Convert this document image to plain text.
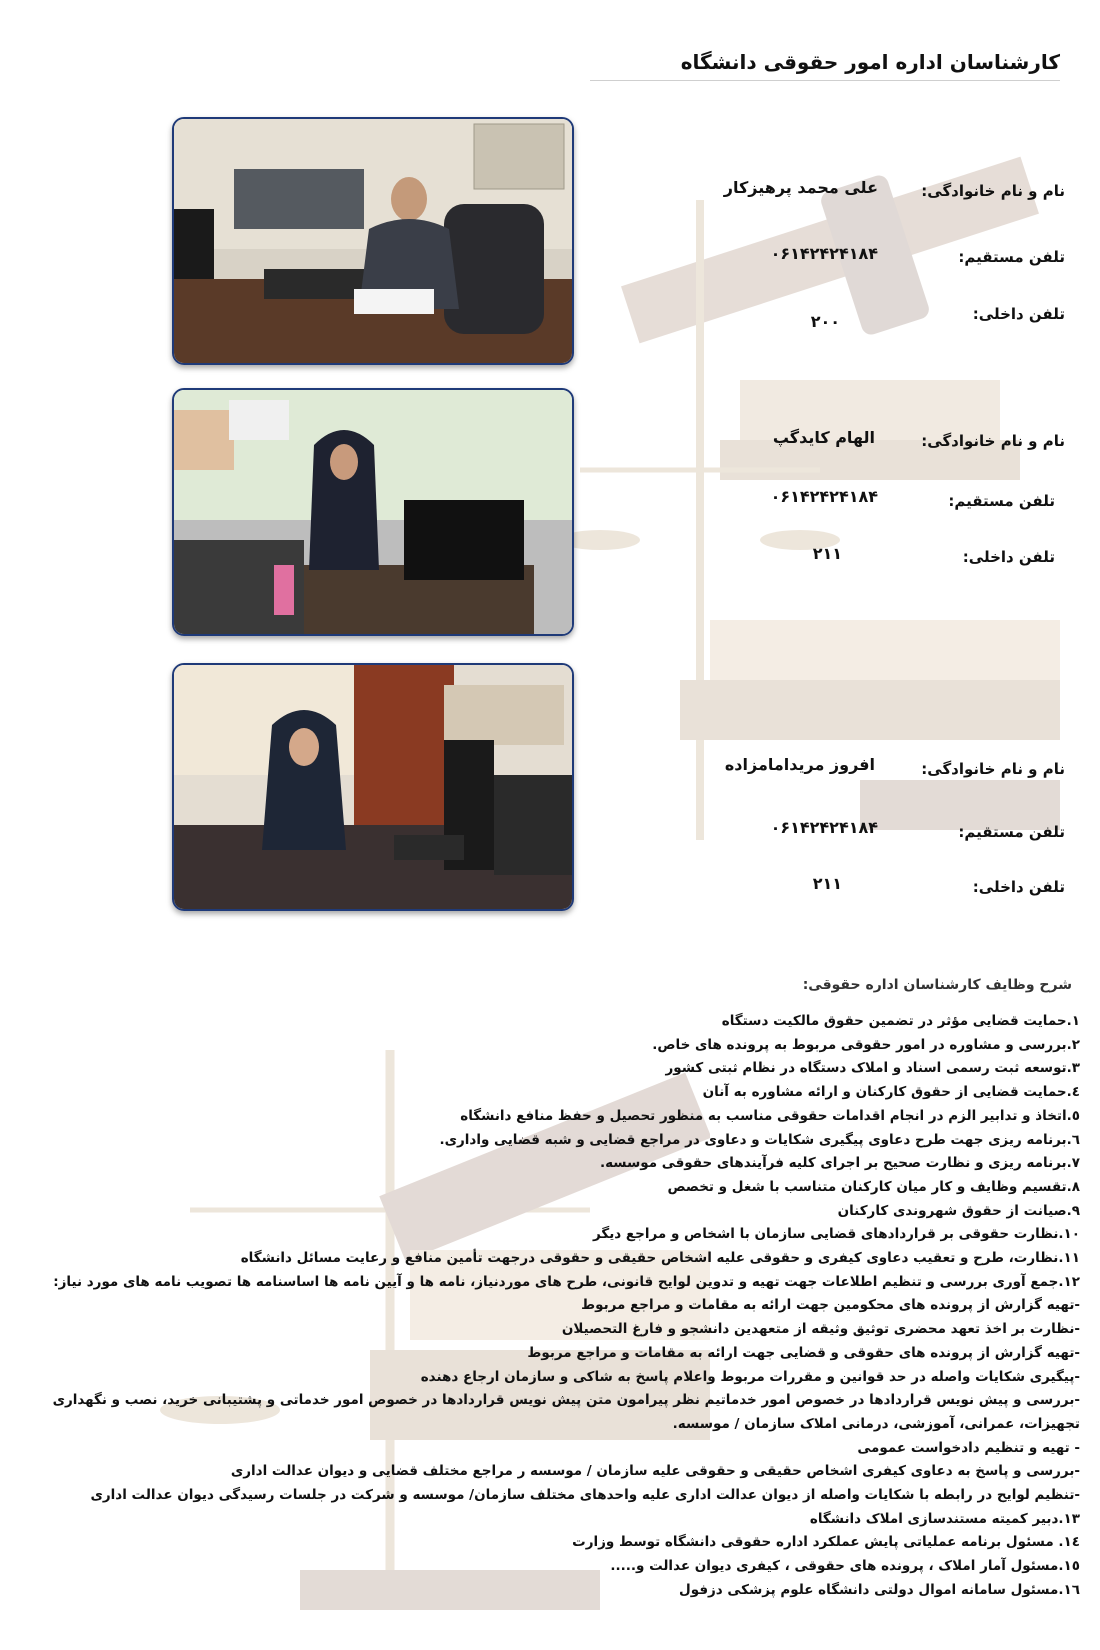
کارشناسان اداره امور حقوقی دانشگاه
نام و نام خانوادگی:
علی محمد پرهیزکار
تلفن مستقیم:
۰۶۱۴۲۴۲۴۱۸۴
تلفن داخلی:
۲۰۰
نام و نام خانوادگی:
الهام کایدگپ
تلفن مستقیم:
۰۶۱۴۲۴۲۴۱۸۴
تلفن داخلی:
۲۱۱
نام و نام خانوادگی:
افروز مریدامامزاده
تلفن مستقیم:
۰۶۱۴۲۴۲۴۱۸۴
تلفن داخلی:
۲۱۱
شرح وظایف کارشناسان اداره حقوقی:
۱.حمایت قضایی مؤثر در تضمین حقوق مالکیت دستگاه
۲.بررسی و مشاوره در امور حقوقی مربوط به پرونده های خاص.
۳.توسعه ثبت رسمی اسناد و املاک دستگاه در نظام ثبتی کشور
٤.حمایت قضایی از حقوق کارکنان و ارائه مشاوره به آنان
٥.اتخاذ و تدابیر الزم در انجام اقدامات حقوقی مناسب به منظور تحصیل و حفظ منافع دانشگاه
٦.برنامه ریزی جهت طرح دعاوی پیگیری شکایات و دعاوی در مراجع قضایی و شبه قضایی واداری.
٧.برنامه ریزی و نظارت صحیح بر اجرای کلیه فرآیندهای حقوقی موسسه.
٨.تقسیم وظایف و کار میان کارکنان متناسب با شغل و تخصص
٩.صیانت از حقوق شهروندی کارکنان
١٠.نظارت حقوقی بر قراردادهای قضایی سازمان با اشخاص و مراجع دیگر
١١.نظارت، طرح و تعقیب دعاوی کیفری و حقوقی علیه اشخاص حقیقی و حقوقی درجهت تأمین منافع و رعایت مسائل دانشگاه
١٢.جمع آوری بررسی و تنظیم اطلاعات جهت تهیه و تدوین لوایح قانونی، طرح های موردنیاز، نامه ها و آیین نامه ها اساسنامه ها تصویب نامه های مورد نیاز:
-تهیه گزارش از پرونده های محکومین جهت ارائه به مقامات و مراجع مربوط
-نظارت بر اخذ تعهد محضری توثیق وثیقه از متعهدین دانشجو و فارغ التحصیلان
-تهیه گزارش از پرونده های حقوقی و قضایی جهت ارائه به مقامات و مراجع مربوط
-پیگیری شکایات واصله در حد قوانین و مقررات مربوط واعلام پاسخ به شاکی و سازمان ارجاع دهنده
-بررسی و پیش نویس قراردادها در خصوص امور خدماتیم نظر پیرامون متن پیش نویس قراردادها در خصوص امور خدماتی و پشتیبانی خرید، نصب و نگهداری
تجهیزات، عمرانی، آموزشی، درمانی املاک سازمان / موسسه.
- تهیه و تنظیم دادخواست عمومی
-بررسی و پاسخ به دعاوی کیفری اشخاص حقیقی و حقوقی علیه سازمان / موسسه ر مراجع مختلف قضایی و دیوان عدالت اداری
-تنظیم لوایح در رابطه با شکایات واصله از دیوان عدالت اداری علیه واحدهای مختلف سازمان/ موسسه و شرکت در جلسات رسیدگی دیوان عدالت اداری
١٣.دبیر کمیته مستندسازی املاک دانشگاه
١٤. مسئول برنامه عملیاتی پایش عملکرد اداره حقوقی دانشگاه توسط وزارت
١٥.مسئول آمار املاک ، پرونده های حقوقی ، کیفری دیوان عدالت و.....
١٦.مسئول سامانه اموال دولتی دانشگاه علوم پزشکی دزفول
